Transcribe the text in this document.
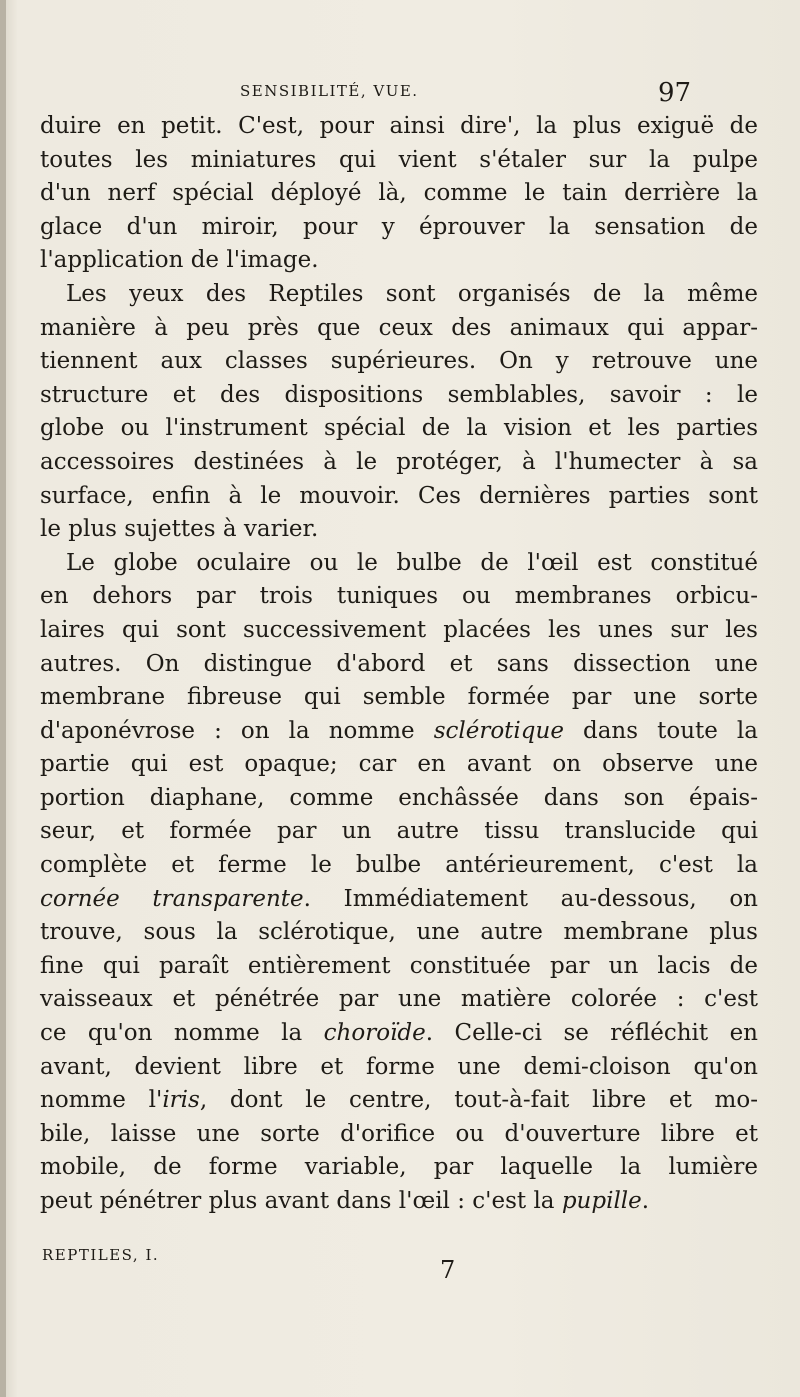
SENSIBILITÉ, VUE.	97
duire en petit. C'est, pour ainsi dire', la plus exiguë de
toutes les miniatures qui vient s'étaler sur la pulpe
d'un nerf spécial déployé là, comme le tain derrière la
glace d'un miroir, pour y éprouver la sensation de
l'application de l'image.
Les yeux des Reptiles sont organisés de la même
manière à peu près que ceux des animaux qui appar-
tiennent aux classes supérieures. On y retrouve une
structure et des dispositions semblables, savoir : le
globe ou l'instrument spécial de la vision et les parties
accessoires destinées à le protéger, à l'humecter à sa
surface, enfin à le mouvoir. Ces dernières parties sont
le plus sujettes à varier.
Le globe oculaire ou le bulbe de l'œil est constitué
en dehors par trois tuniques ou membranes orbicu-
laires qui sont successivement placées les unes sur les
autres. On distingue d'abord et sans dissection une
membrane fibreuse qui semble formée par une sorte
d'aponévrose : on la nomme sclérotique dans toute la
partie qui est opaque; car en avant on observe une
portion diaphane, comme enchâssée dans son épais-
seur, et formée par un autre tissu translucide qui
complète et ferme le bulbe antérieurement, c'est la
cornée transparente. Immédiatement au-dessous, on
trouve, sous la sclérotique, une autre membrane plus
fine qui paraît entièrement constituée par un lacis de
vaisseaux et pénétrée par une matière colorée : c'est
ce qu'on nomme la choroïde. Celle-ci se réfléchit en
avant, devient libre et forme une demi-cloison qu'on
nomme l'iris, dont le centre, tout-à-fait libre et mo-
bile, laisse une sorte d'orifice ou d'ouverture libre et
mobile, de forme variable, par laquelle la lumière
peut pénétrer plus avant dans l'œil : c'est la pupille.
REPTILES, I.
7
